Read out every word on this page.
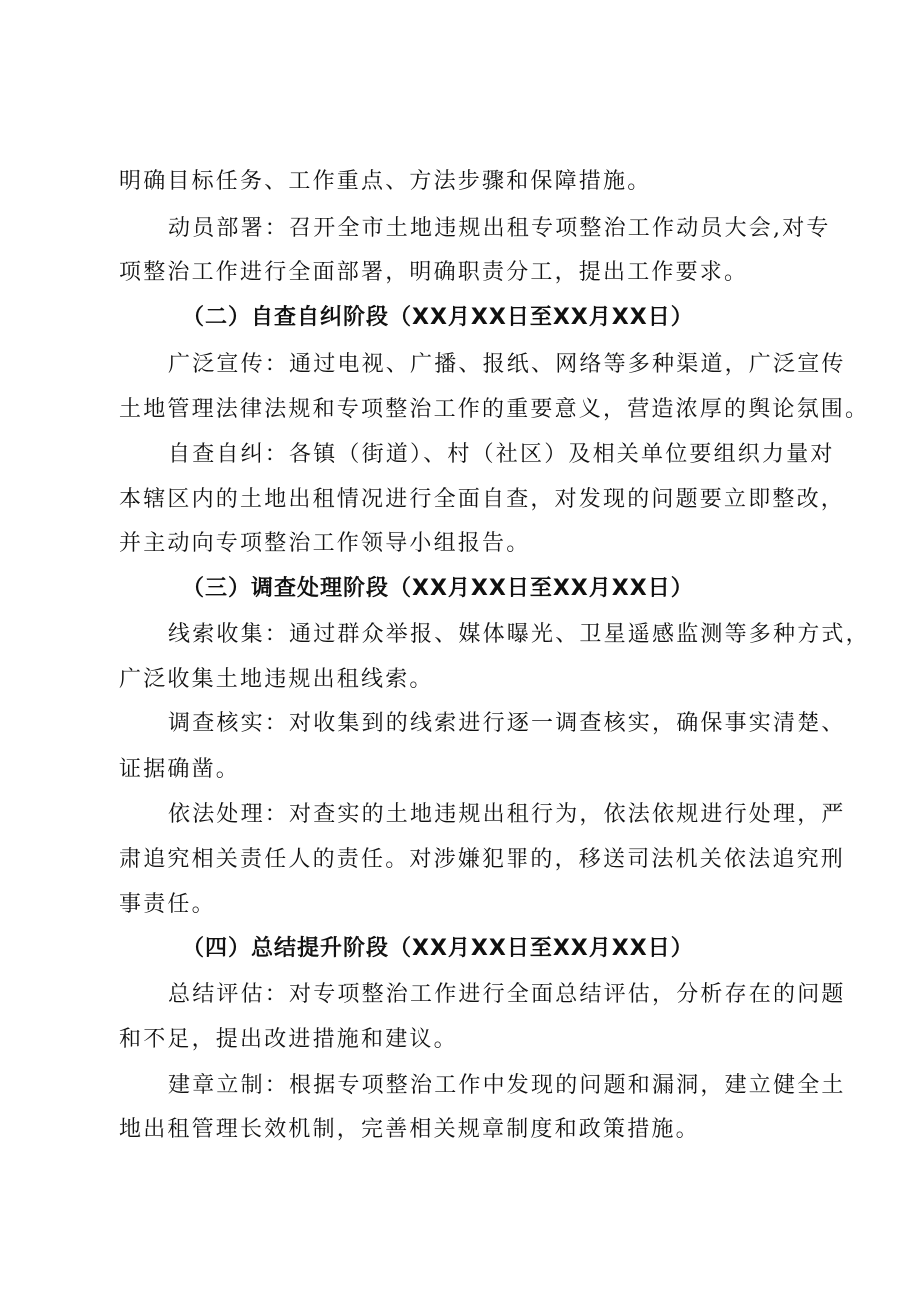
明确目标任务、工作重点、方法步骤和保障措施。
动员部署：召开全市土地违规出租专项整治工作动员大会,对专
项整治工作进行全面部署，明确职责分工，提出工作要求。
（二）自查自纠阶段（XX月XX日至XX月XX日）
广泛宣传：通过电视、广播、报纸、网络等多种渠道，广泛宣传
土地管理法律法规和专项整治工作的重要意义，营造浓厚的舆论氛围。
自查自纠：各镇（街道）、村（社区）及相关单位要组织力量对
本辖区内的土地出租情况进行全面自查，对发现的问题要立即整改，
并主动向专项整治工作领导小组报告。
（三）调查处理阶段（XX月XX日至XX月XX日）
线索收集：通过群众举报、媒体曝光、卫星遥感监测等多种方式，
广泛收集土地违规出租线索。
调查核实：对收集到的线索进行逐一调查核实，确保事实清楚、
证据确凿。
依法处理：对查实的土地违规出租行为，依法依规进行处理，严
肃追究相关责任人的责任。对涉嫌犯罪的，移送司法机关依法追究刑
事责任。
（四）总结提升阶段（XX月XX日至XX月XX日）
总结评估：对专项整治工作进行全面总结评估，分析存在的问题
和不足，提出改进措施和建议。
建章立制：根据专项整治工作中发现的问题和漏洞，建立健全土
地出租管理长效机制，完善相关规章制度和政策措施。
